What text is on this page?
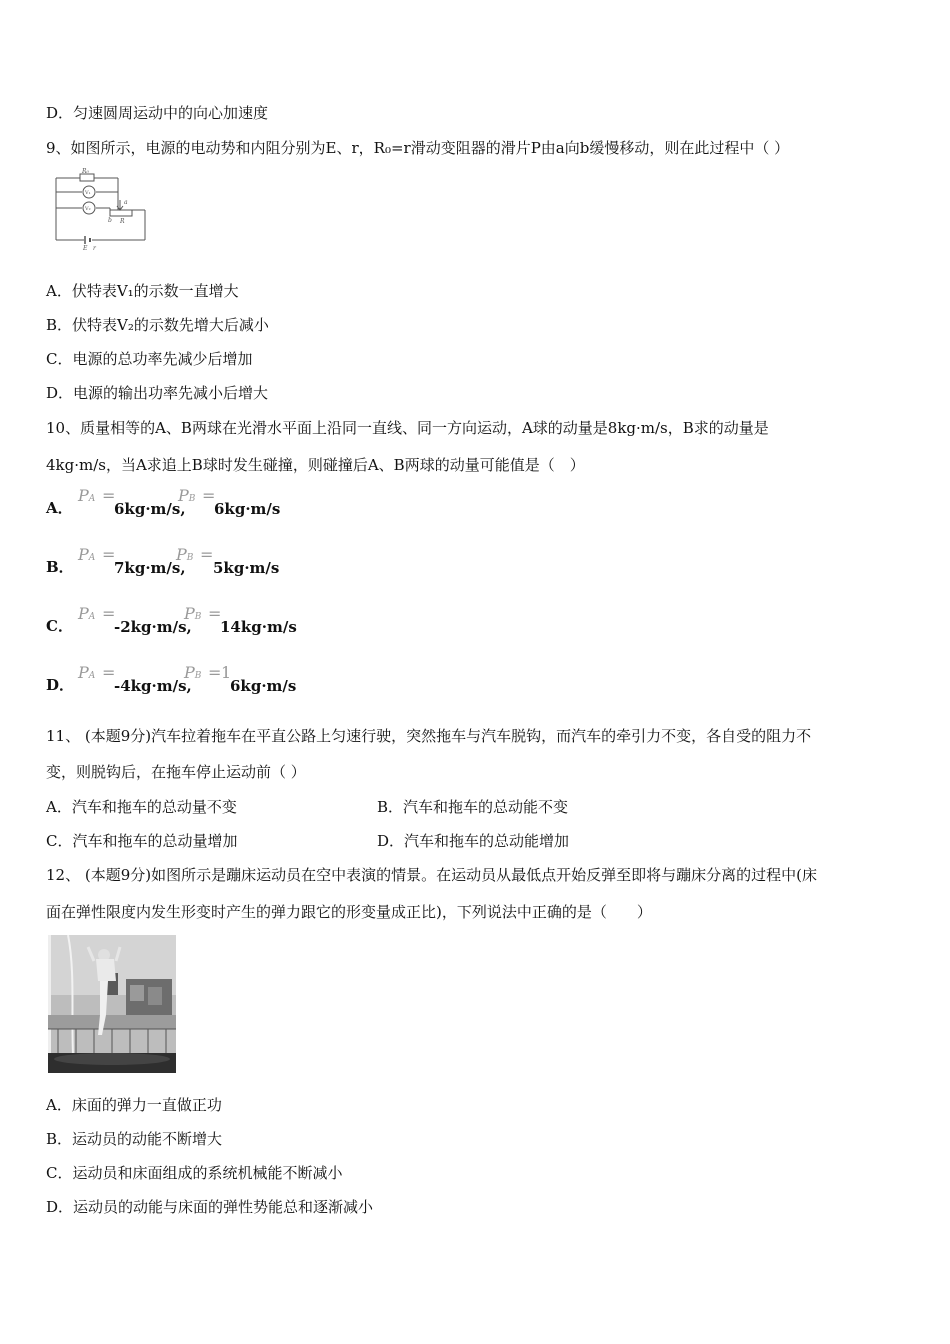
D．匀速圆周运动中的向心加速度
9、如图所示，电源的电动势和内阻分别为E、r，R₀=r滑动变阻器的滑片P由a向b缓慢移动，则在此过程中（ ）
R₀
V₁
V₂
a
b R
E r
A．伏特表V₁的示数一直增大
B．伏特表V₂的示数先增大后减小
C．电源的总功率先减少后增加
D．电源的输出功率先减小后增大
10、质量相等的A、B两球在光滑水平面上沿同一直线、同一方向运动，A球的动量是8kg·m/s，B求的动量是
4kg·m/s，当A求追上B球时发生碰撞，则碰撞后A、B两球的动量可能值是（　）
A．
PA =
6kg·m/s,
PB =
6kg·m/s
B．
PA =
7kg·m/s,
PB =
5kg·m/s
C．
PA =
-2kg·m/s,
PB =
14kg·m/s
D．
PA =
-4kg·m/s,
PB = 1
6kg·m/s
11、 (本题9分)汽车拉着拖车在平直公路上匀速行驶，突然拖车与汽车脱钩，而汽车的牵引力不变，各自受的阻力不
变，则脱钩后，在拖车停止运动前（ ）
A．汽车和拖车的总动量不变	B．汽车和拖车的总动能不变
C．汽车和拖车的总动量增加	D．汽车和拖车的总动能增加
12、 (本题9分)如图所示是蹦床运动员在空中表演的情景。在运动员从最低点开始反弹至即将与蹦床分离的过程中(床
面在弹性限度内发生形变时产生的弹力跟它的形变量成正比)，下列说法中正确的是（　　）
A．床面的弹力一直做正功
B．运动员的动能不断增大
C．运动员和床面组成的系统机械能不断减小
D．运动员的动能与床面的弹性势能总和逐渐减小
